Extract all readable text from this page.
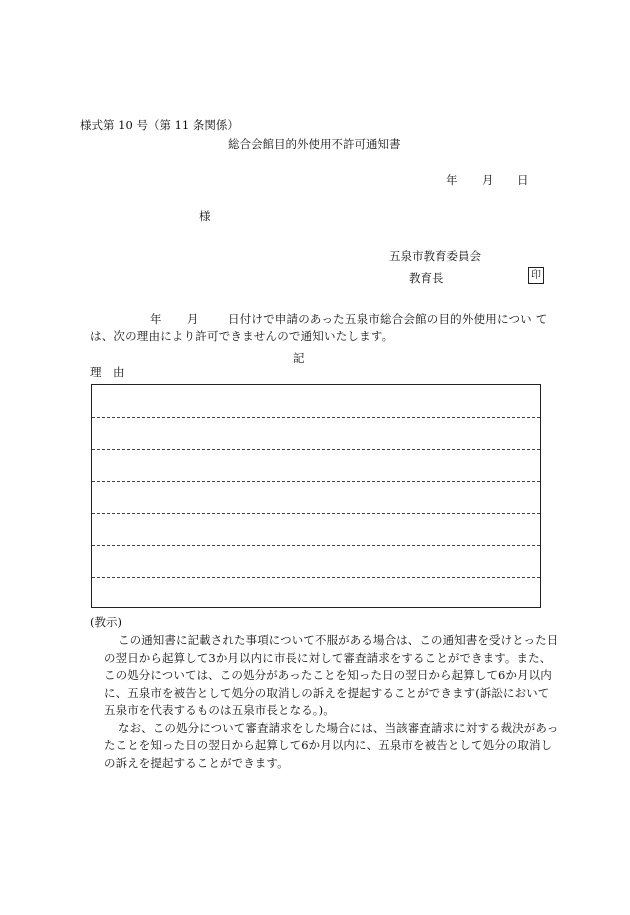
様式第 10 号（第 11 条関係）
総合会館目的外使用不許可通知書
年 月 日
様
五泉市教育委員会
教育長	印
年 月	日付けで申請のあった五泉市総合会館の目的外使用につい て
は、次の理由により許可できませんので通知いたします。
記
理　由
(教示)

この通知書に記載された事項について不服がある場合は、この通知書を受けとった日の翌日から起算して3か月以内に市長に対して審査請求をすることができます。また、この処分については、この処分があったことを知った日の翌日から起算して6か月以内に、五泉市を被告として処分の取消しの訴えを提起することができます(訴訟において五泉市を代表するものは五泉市長となる。)。

なお、この処分について審査請求をした場合には、当該審査請求に対する裁決があったことを知った日の翌日から起算して6か月以内に、五泉市を被告として処分の取消しの訴えを提起することができます。
